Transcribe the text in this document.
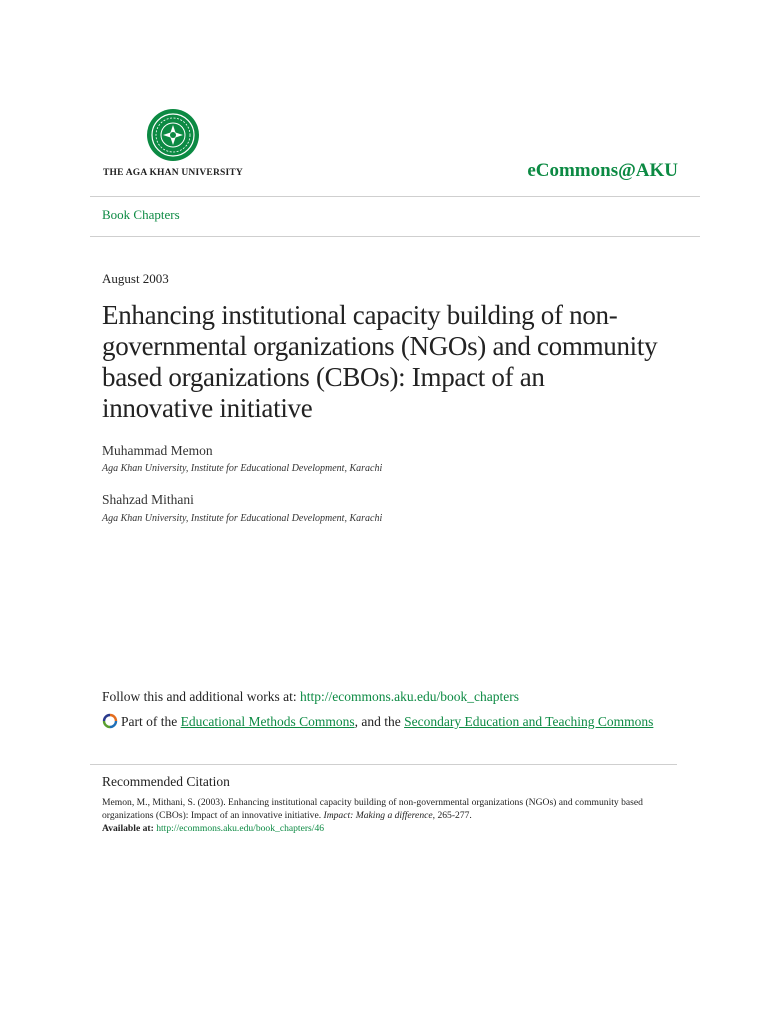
THE AGA KHAN UNIVERSITY	eCommons@AKU
Book Chapters
August 2003
Enhancing institutional capacity building of non-governmental organizations (NGOs) and community based organizations (CBOs): Impact of an innovative initiative
Muhammad Memon
Aga Khan University, Institute for Educational Development, Karachi
Shahzad Mithani
Aga Khan University, Institute for Educational Development, Karachi
Follow this and additional works at: http://ecommons.aku.edu/book_chapters
Part of the Educational Methods Commons, and the Secondary Education and Teaching Commons
Recommended Citation
Memon, M., Mithani, S. (2003). Enhancing institutional capacity building of non-governmental organizations (NGOs) and community based organizations (CBOs): Impact of an innovative initiative. Impact: Making a difference, 265-277.
Available at: http://ecommons.aku.edu/book_chapters/46
